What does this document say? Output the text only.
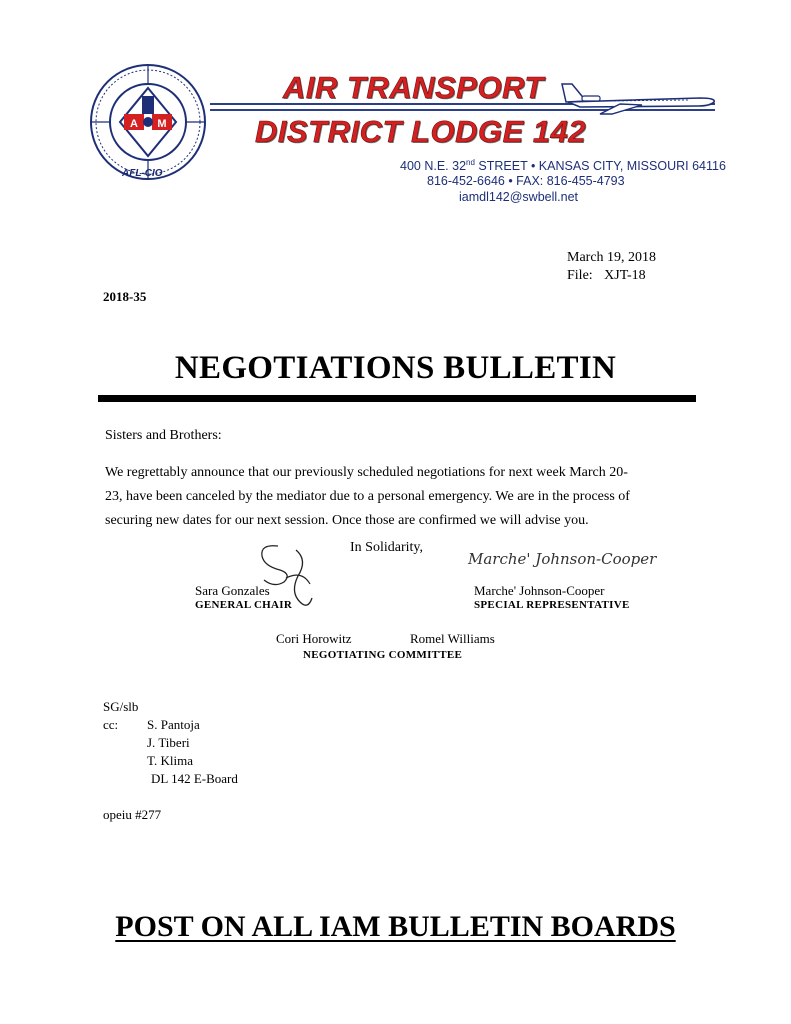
A M
AFL-CIO
AIR TRANSPORT
DISTRICT LODGE 142
400 N.E. 32nd STREET • KANSAS CITY, MISSOURI 64116
816-452-6646 • FAX: 816-455-4793
iamdl142@swbell.net
March 19, 2018
File: XJT-18
2018-35
NEGOTIATIONS BULLETIN
Sisters and Brothers:
We regrettably announce that our previously scheduled negotiations for next week March 20-
23, have been canceled by the mediator due to a personal emergency. We are in the process of
securing new dates for our next session. Once those are confirmed we will advise you.
In Solidarity,
Marche' Johnson-Cooper
Sara Gonzales
GENERAL CHAIR
Marche' Johnson-Cooper
SPECIAL REPRESENTATIVE
Cori Horowitz	Romel Williams
NEGOTIATING COMMITTEE
SG/slb
cc: S. Pantoja
J. Tiberi
T. Klima
DL 142 E-Board
opeiu #277
POST ON ALL IAM BULLETIN BOARDS
